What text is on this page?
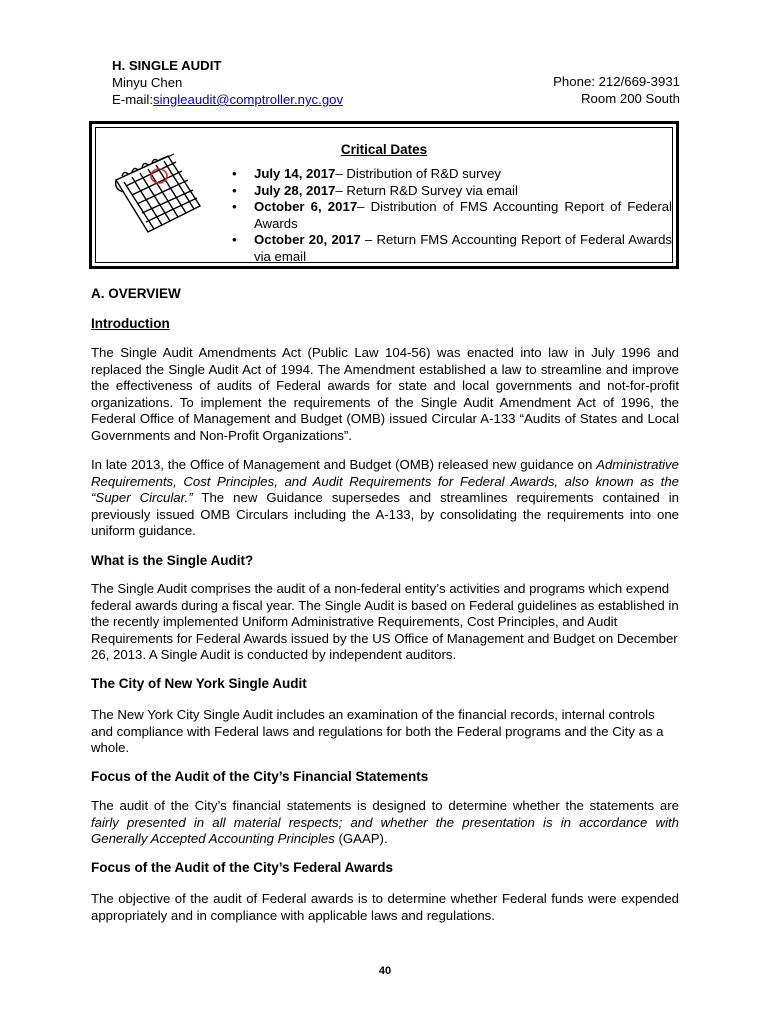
H. SINGLE AUDIT
Minyu Chen
E-mail:singleaudit@comptroller.nyc.gov
Phone: 212/669-3931
Room 200 South
Critical Dates
• July 14, 2017– Distribution of R&D survey
• July 28, 2017– Return R&D Survey via email
• October 6, 2017– Distribution of FMS Accounting Report of Federal Awards
• October 20, 2017 – Return FMS Accounting Report of Federal Awards via email
A. OVERVIEW
Introduction
The Single Audit Amendments Act (Public Law 104-56) was enacted into law in July 1996 and replaced the Single Audit Act of 1994. The Amendment established a law to streamline and improve the effectiveness of audits of Federal awards for state and local governments and not-for-profit organizations. To implement the requirements of the Single Audit Amendment Act of 1996, the Federal Office of Management and Budget (OMB) issued Circular A-133 “Audits of States and Local Governments and Non-Profit Organizations”.
In late 2013, the Office of Management and Budget (OMB) released new guidance on Administrative Requirements, Cost Principles, and Audit Requirements for Federal Awards, also known as the “Super Circular.” The new Guidance supersedes and streamlines requirements contained in previously issued OMB Circulars including the A-133, by consolidating the requirements into one uniform guidance.
What is the Single Audit?
The Single Audit comprises the audit of a non-federal entity’s activities and programs which expend federal awards during a fiscal year. The Single Audit is based on Federal guidelines as established in the recently implemented Uniform Administrative Requirements, Cost Principles, and Audit Requirements for Federal Awards issued by the US Office of Management and Budget on December 26, 2013. A Single Audit is conducted by independent auditors.
The City of New York Single Audit
The New York City Single Audit includes an examination of the financial records, internal controls and compliance with Federal laws and regulations for both the Federal programs and the City as a whole.
Focus of the Audit of the City’s Financial Statements
The audit of the City’s financial statements is designed to determine whether the statements are fairly presented in all material respects; and whether the presentation is in accordance with Generally Accepted Accounting Principles (GAAP).
Focus of the Audit of the City’s Federal Awards
The objective of the audit of Federal awards is to determine whether Federal funds were expended appropriately and in compliance with applicable laws and regulations.
40
